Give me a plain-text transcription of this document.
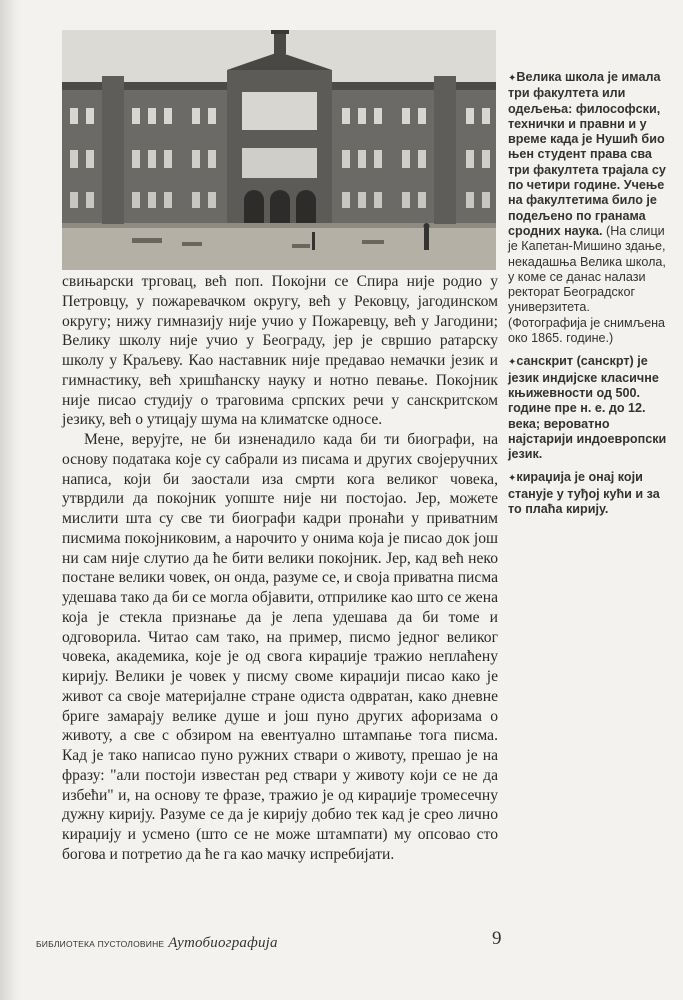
свињарски трговац, већ поп. Покојни се Спира није родио у Петровцу, у пожаревачком округу, већ у Рековцу, јагодинском округу; нижу гимназију није учио у Пожаревцу, већ у Јагодини; Велику школу није учио у Београду, јер је свршио ратарску школу у Краљеву. Као наставник није предавао немачки језик и гимнастику, већ хришћанску науку и нотно певање. Покојник није писао студију о траговима српских речи у санскритском језику, већ о утицају шума на климатске односе.

Мене, верујте, не би изненадило када би ти биографи, на основу података које су сабрали из писама и других својеручних написа, који би заостали иза смрти кога великог човека, утврдили да покојник уопште није ни постојао. Јер, можете мислити шта су све ти биографи кадри пронаћи у приватним писмима покојниковим, а нарочито у онима која је писао док још ни сам није слутио да ће бити велики покојник. Јер, кад већ неко постане велики човек, он онда, разуме се, и своја приватна писма удешава тако да би се могла објавити, отприлике као што се жена која је стекла признање да је лепа удешава да би томе и одговорила. Читао сам тако, на пример, писмо једног великог човека, академика, које је од свога кираџије тражио неплаћену кирију. Велики је човек у писму своме кираџији писао како је живот са своје материјалне стране одиста одвратан, како дневне бриге замарају велике душе и још пуно других афоризама о животу, а све с обзиром на евентуално штампање тога писма. Кад је тако написао пуно ружних ствари о животу, прешао је на фразу: "али постоји известан ред ствари у животу који се не да избећи" и, на основу те фразе, тражио је од кираџије тромесечну дужну кирију. Разуме се да је кирију добио тек кад је срео лично кираџију и усмено (што се не може штампати) му опсовао сто богова и потретио да ће га као мачку испребијати.

✦Велика школа је имала три факултета или одељења: философски, технички и правни и у време када је Нушић био њен студент права сва три факултета трајала су по четири године. Учење на факултетима било је подељено по гранама сродних наука. (На слици је Капетан-Мишино здање, некадашња Велика школа, у коме се данас налази ректорат Београдског универзитета. (Фотографија је снимљена око 1865. године.)
✦санскрит (санскрт) је језик индијске класичне књижевности од 500. године пре н. е. до 12. века; вероватно најстарији индоевропски језик.
✦кираџија је онај који станује у туђој кући и за то плаћа кирију.
БИБЛИОТЕКА ПУСТОЛОВИНЕ Аутобиографија	9
